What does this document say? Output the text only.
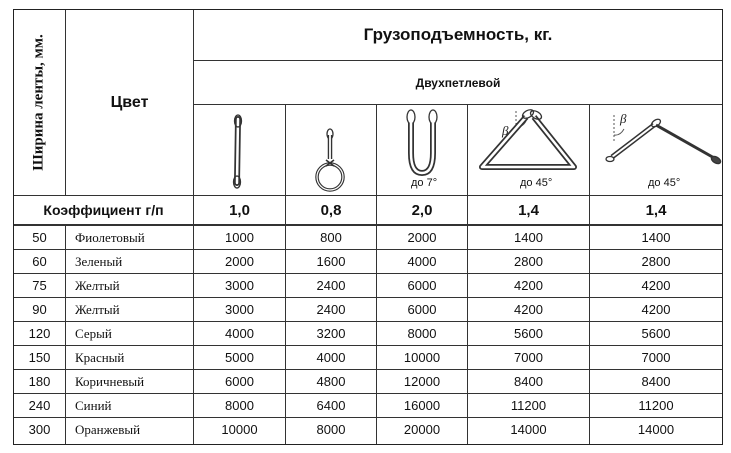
Ширина ленты, мм.	Цвет
Грузоподъемность, кг.
Двухпетлевой
до 7°
β
до 45°
β
до 45°
Коэффициент г/п	1,0	0,8	2,0	1,4	1,4
50	Фиолетовый	1000	800	2000	1400	1400
60	Зеленый	2000	1600	4000	2800	2800
75	Желтый	3000	2400	6000	4200	4200
90	Желтый	3000	2400	6000	4200	4200
120	Серый	4000	3200	8000	5600	5600
150	Красный	5000	4000	10000	7000	7000
180	Коричневый	6000	4800	12000	8400	8400
240	Синий	8000	6400	16000	11200	11200
300	Оранжевый	10000	8000	20000	14000	14000
